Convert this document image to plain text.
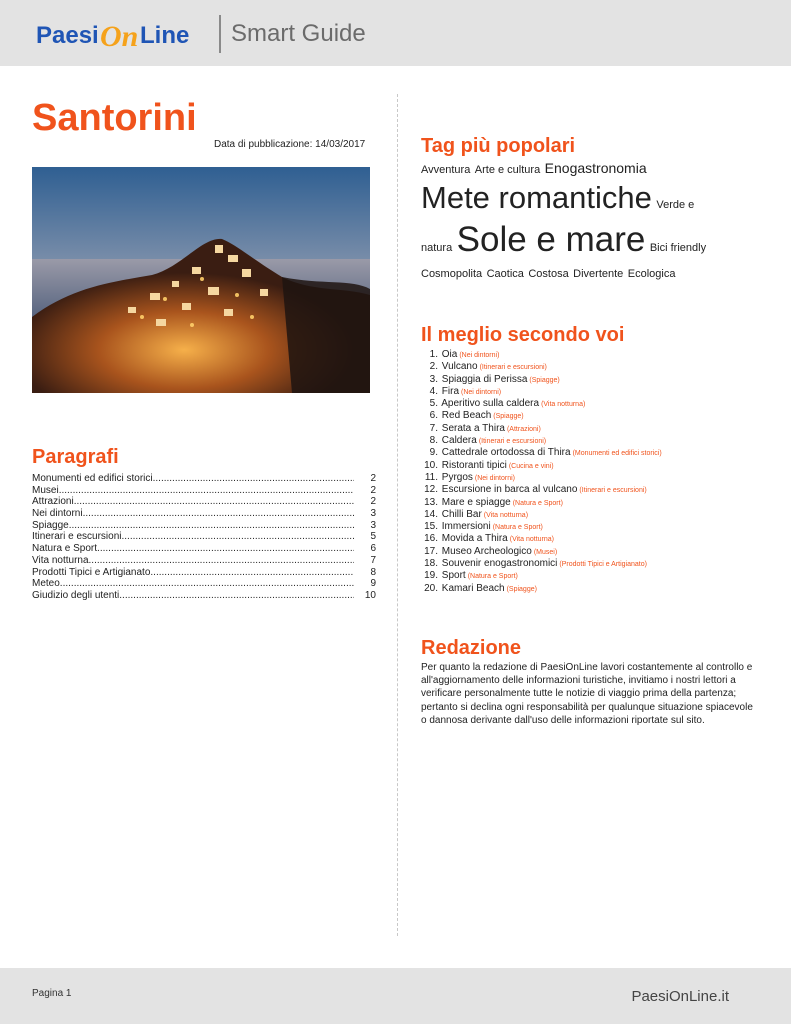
Paesi On Line Smart Guide
Santorini
Data di pubblicazione: 14/03/2017
Paragrafi
Monumenti ed edifici storici .....	2
Musei .....	2
Attrazioni .....	2
Nei dintorni .....	3
Spiagge .....	3
Itinerari e escursioni .....	5
Natura e Sport .....	6
Vita notturna .....	7
Prodotti Tipici e Artigianato .....	8
Meteo .....	9
Giudizio degli utenti .....	10
Tag più popolari
Avventura
Arte e cultura
Enogastronomia
Mete romantiche
Verde e
natura
Sole e mare
Bici friendly
Cosmopolita
Caotica
Costosa
Divertente
Ecologica
Il meglio secondo voi
1. Oia (Nei dintorni)
2. Vulcano (Itinerari e escursioni)
3. Spiaggia di Perissa (Spiagge)
4. Fira (Nei dintorni)
5. Aperitivo sulla caldera (Vita notturna)
6. Red Beach (Spiagge)
7. Serata a Thira (Attrazioni)
8. Caldera (Itinerari e escursioni)
9. Cattedrale ortodossa di Thira (Monumenti ed edifici storici)
10. Ristoranti tipici (Cucina e vini)
11. Pyrgos (Nei dintorni)
12. Escursione in barca al vulcano (Itinerari e escursioni)
13. Mare e spiagge (Natura e Sport)
14. Chilli Bar (Vita notturna)
15. Immersioni (Natura e Sport)
16. Movida a Thira (Vita notturna)
17. Museo Archeologico (Musei)
18. Souvenir enogastronomici (Prodotti Tipici e Artigianato)
19. Sport (Natura e Sport)
20. Kamari Beach (Spiagge)
Redazione

Per quanto la redazione di PaesiOnLine lavori costantemente al controllo e all'aggiornamento delle informazioni turistiche, invitiamo i nostri lettori a verificare personalmente tutte le notizie di viaggio prima della partenza; pertanto si declina ogni responsabilità per qualunque situazione spiacevole o dannosa derivante dall'uso delle informazioni riportate sul sito.

Pagina 1	PaesiOnLine.it
